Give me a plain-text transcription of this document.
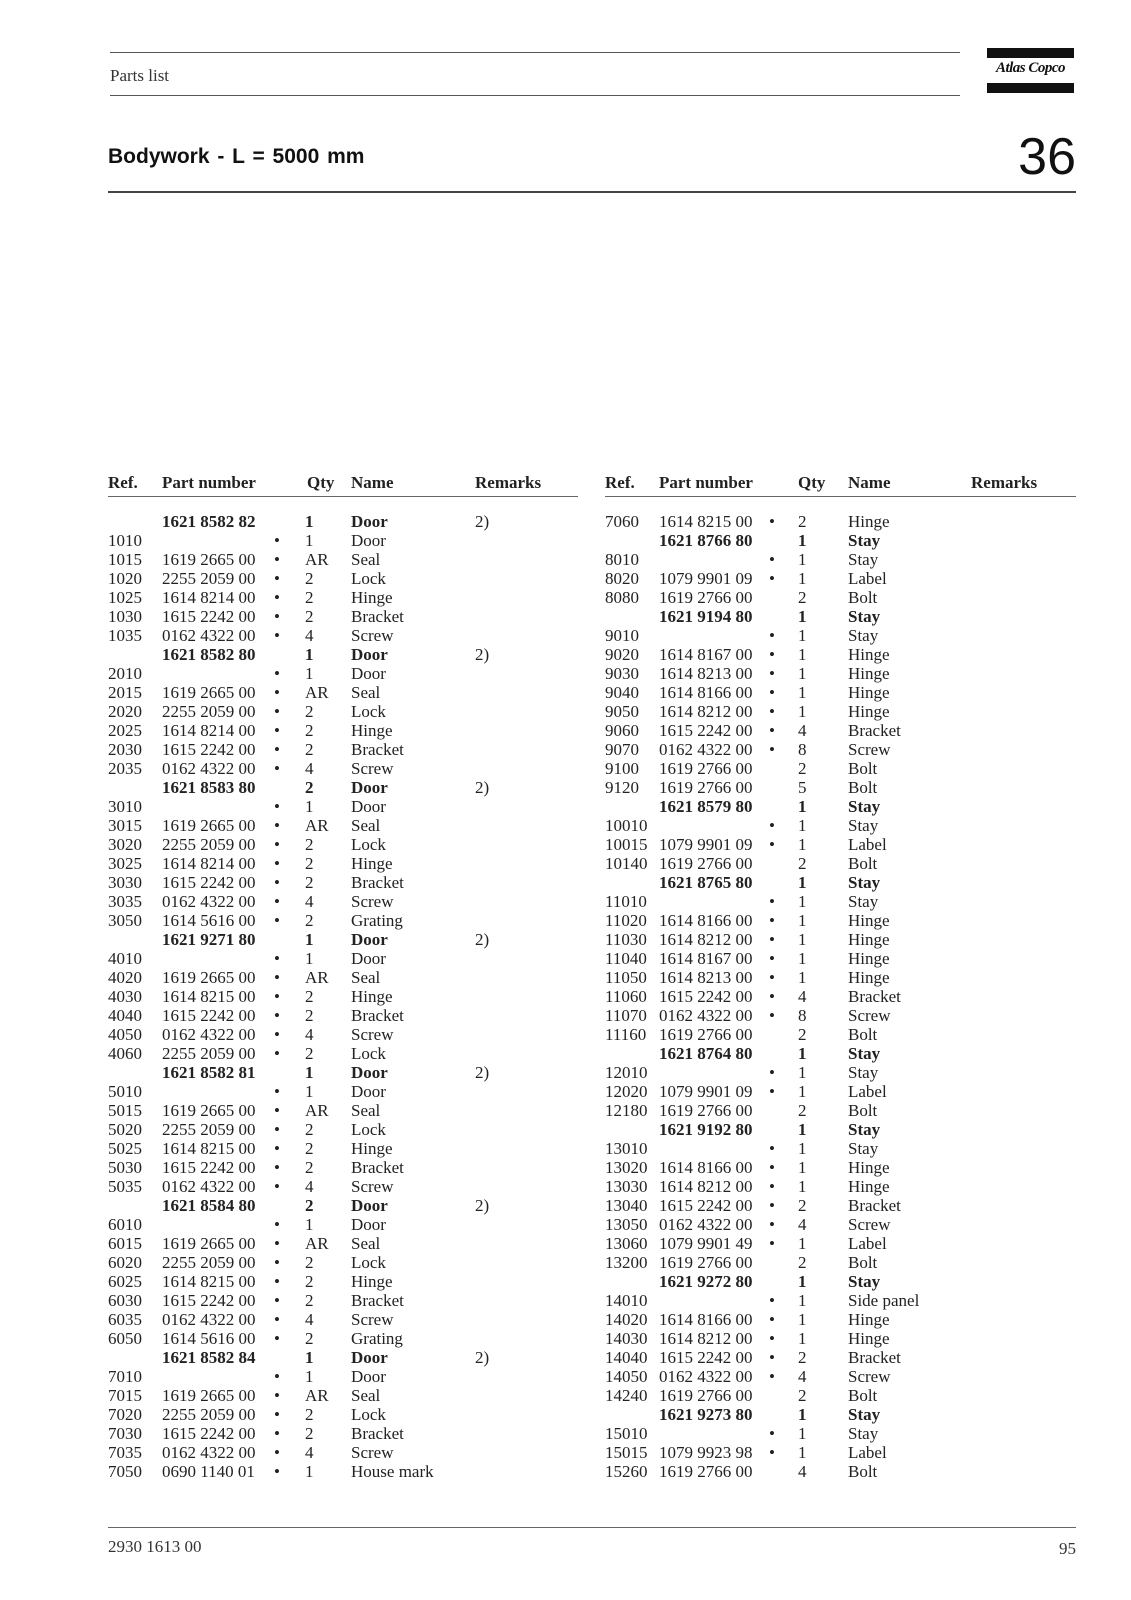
Parts list	Atlas Copco
Bodywork - L = 5000 mm	36
Ref. Part number	Qty Name	Remarks
1621 8582 82	1 Door	2)
1010	• 1 Door
1015 1619 2665 00 • AR Seal
1020 2255 2059 00 • 2 Lock
1025 1614 8214 00 • 2 Hinge
1030 1615 2242 00 • 2 Bracket
1035 0162 4322 00 • 4 Screw
1621 8582 80	1 Door	2)
2010	• 1 Door
2015 1619 2665 00 • AR Seal
2020 2255 2059 00 • 2 Lock
2025 1614 8214 00 • 2 Hinge
2030 1615 2242 00 • 2 Bracket
2035 0162 4322 00 • 4 Screw
1621 8583 80	2 Door	2)
3010	• 1 Door
3015 1619 2665 00 • AR Seal
3020 2255 2059 00 • 2 Lock
3025 1614 8214 00 • 2 Hinge
3030 1615 2242 00 • 2 Bracket
3035 0162 4322 00 • 4 Screw
3050 1614 5616 00 • 2 Grating
1621 9271 80	1 Door	2)
4010	• 1 Door
4020 1619 2665 00 • AR Seal
4030 1614 8215 00 • 2 Hinge
4040 1615 2242 00 • 2 Bracket
4050 0162 4322 00 • 4 Screw
4060 2255 2059 00 • 2 Lock
1621 8582 81	1 Door	2)
5010	• 1 Door
5015 1619 2665 00 • AR Seal
5020 2255 2059 00 • 2 Lock
5025 1614 8215 00 • 2 Hinge
5030 1615 2242 00 • 2 Bracket
5035 0162 4322 00 • 4 Screw
1621 8584 80	2 Door	2)
6010	• 1 Door
6015 1619 2665 00 • AR Seal
6020 2255 2059 00 • 2 Lock
6025 1614 8215 00 • 2 Hinge
6030 1615 2242 00 • 2 Bracket
6035 0162 4322 00 • 4 Screw
6050 1614 5616 00 • 2 Grating
1621 8582 84	1 Door	2)
7010	• 1 Door
7015 1619 2665 00 • AR Seal
7020 2255 2059 00 • 2 Lock
7030 1615 2242 00 • 2 Bracket
7035 0162 4322 00 • 4 Screw
7050 0690 1140 01 • 1 House mark
Ref. Part number	Qty Name	Remarks
7060 1614 8215 00 • 2 Hinge
1621 8766 80	1 Stay
8010	• 1 Stay
8020 1079 9901 09 • 1 Label
8080 1619 2766 00	2 Bolt
1621 9194 80	1 Stay
9010	• 1 Stay
9020 1614 8167 00 • 1 Hinge
9030 1614 8213 00 • 1 Hinge
9040 1614 8166 00 • 1 Hinge
9050 1614 8212 00 • 1 Hinge
9060 1615 2242 00 • 4 Bracket
9070 0162 4322 00 • 8 Screw
9100 1619 2766 00	2 Bolt
9120 1619 2766 00	5 Bolt
1621 8579 80	1 Stay
10010	• 1 Stay
10015 1079 9901 09 • 1 Label
10140 1619 2766 00	2 Bolt
1621 8765 80	1 Stay
11010	• 1 Stay
11020 1614 8166 00 • 1 Hinge
11030 1614 8212 00 • 1 Hinge
11040 1614 8167 00 • 1 Hinge
11050 1614 8213 00 • 1 Hinge
11060 1615 2242 00 • 4 Bracket
11070 0162 4322 00 • 8 Screw
11160 1619 2766 00	2 Bolt
1621 8764 80	1 Stay
12010	• 1 Stay
12020 1079 9901 09 • 1 Label
12180 1619 2766 00	2 Bolt
1621 9192 80	1 Stay
13010	• 1 Stay
13020 1614 8166 00 • 1 Hinge
13030 1614 8212 00 • 1 Hinge
13040 1615 2242 00 • 2 Bracket
13050 0162 4322 00 • 4 Screw
13060 1079 9901 49 • 1 Label
13200 1619 2766 00	2 Bolt
1621 9272 80	1 Stay
14010	• 1 Side panel
14020 1614 8166 00 • 1 Hinge
14030 1614 8212 00 • 1 Hinge
14040 1615 2242 00 • 2 Bracket
14050 0162 4322 00 • 4 Screw
14240 1619 2766 00	2 Bolt
1621 9273 80	1 Stay
15010	• 1 Stay
15015 1079 9923 98 • 1 Label
15260 1619 2766 00	4 Bolt
2930 1613 00	95
